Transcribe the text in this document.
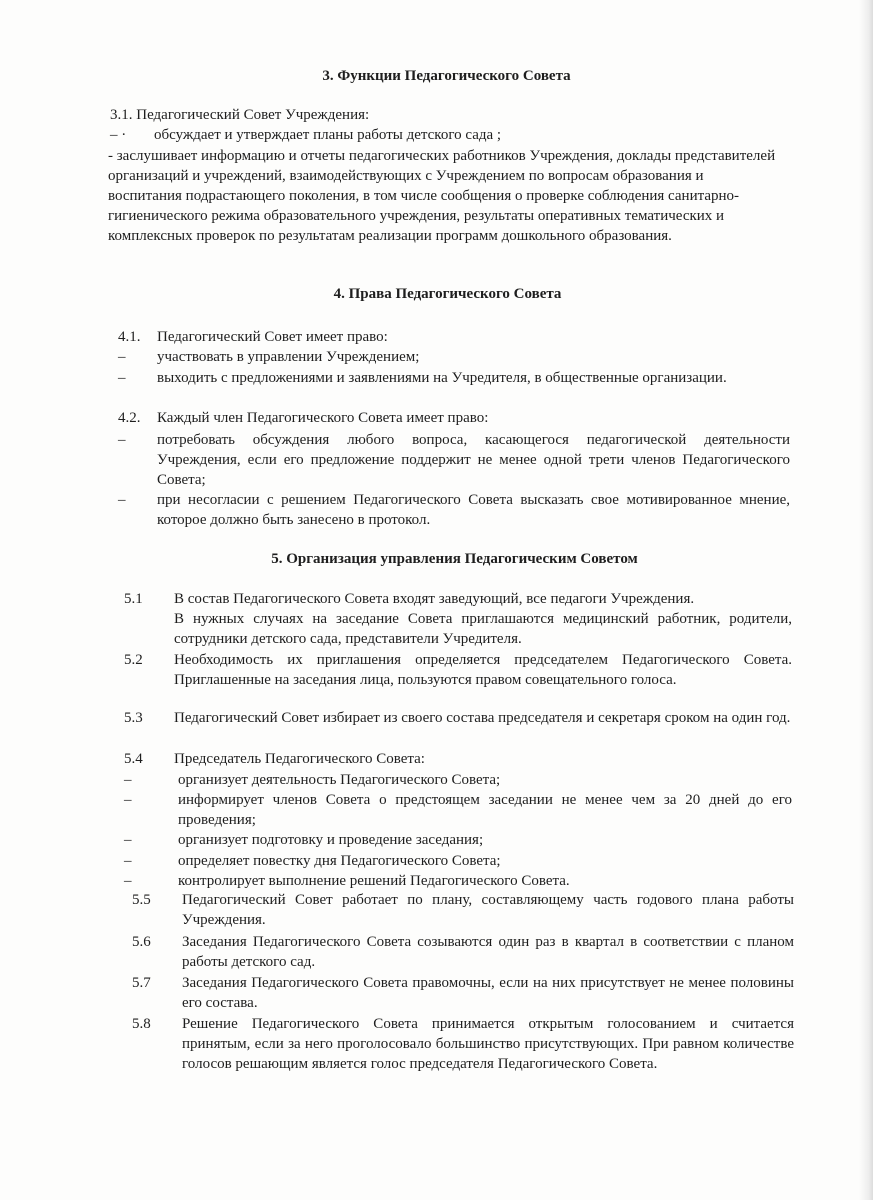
3. Функции Педагогического Совета
3.1. Педагогический Совет Учреждения:
– · обсуждает и утверждает планы работы детского сада ;
- заслушивает информацию и отчеты педагогических работников Учреждения, доклады представителей организаций и учреждений, взаимодействующих с Учреждением по вопросам образования и воспитания подрастающего поколения, в том числе сообщения о проверке соблюдения санитарно-гигиенического режима образовательного учреждения, результаты оперативных тематических и комплексных проверок по результатам реализации программ дошкольного образования.
4. Права Педагогического Совета
4.1. Педагогический Совет имеет право:
– участвовать в управлении Учреждением;
– выходить с предложениями и заявлениями на Учредителя, в общественные организации.
4.2. Каждый член Педагогического Совета имеет право:
– потребовать обсуждения любого вопроса, касающегося педагогической деятельности Учреждения, если его предложение поддержит не менее одной трети членов Педагогического Совета;
– при несогласии с решением Педагогического Совета высказать свое мотивированное мнение, которое должно быть занесено в протокол.
5. Организация управления Педагогическим Советом
5.1 В состав Педагогического Совета входят заведующий, все педагоги Учреждения.
В нужных случаях на заседание Совета приглашаются медицинский работник, родители, сотрудники детского сада, представители Учредителя.
5.2 Необходимость их приглашения определяется председателем Педагогического Совета. Приглашенные на заседания лица, пользуются правом совещательного голоса.
5.3 Педагогический Совет избирает из своего состава председателя и секретаря сроком на один год.
5.4 Председатель Педагогического Совета:
–	организует деятельность Педагогического Совета;
–	информирует членов Совета о предстоящем заседании не менее чем за 20 дней до его проведения;
–	организует подготовку и проведение заседания;
–	определяет повестку дня Педагогического Совета;
–	контролирует выполнение решений Педагогического Совета.
5.5 Педагогический Совет работает по плану, составляющему часть годового плана работы Учреждения.
5.6 Заседания Педагогического Совета созываются один раз в квартал в соответствии с планом работы детского сад.
5.7 Заседания Педагогического Совета правомочны, если на них присутствует не менее половины его состава.
5.8 Решение Педагогического Совета принимается открытым голосованием и считается принятым, если за него проголосовало большинство присутствующих. При равном количестве голосов решающим является голос председателя Педагогического Совета.
